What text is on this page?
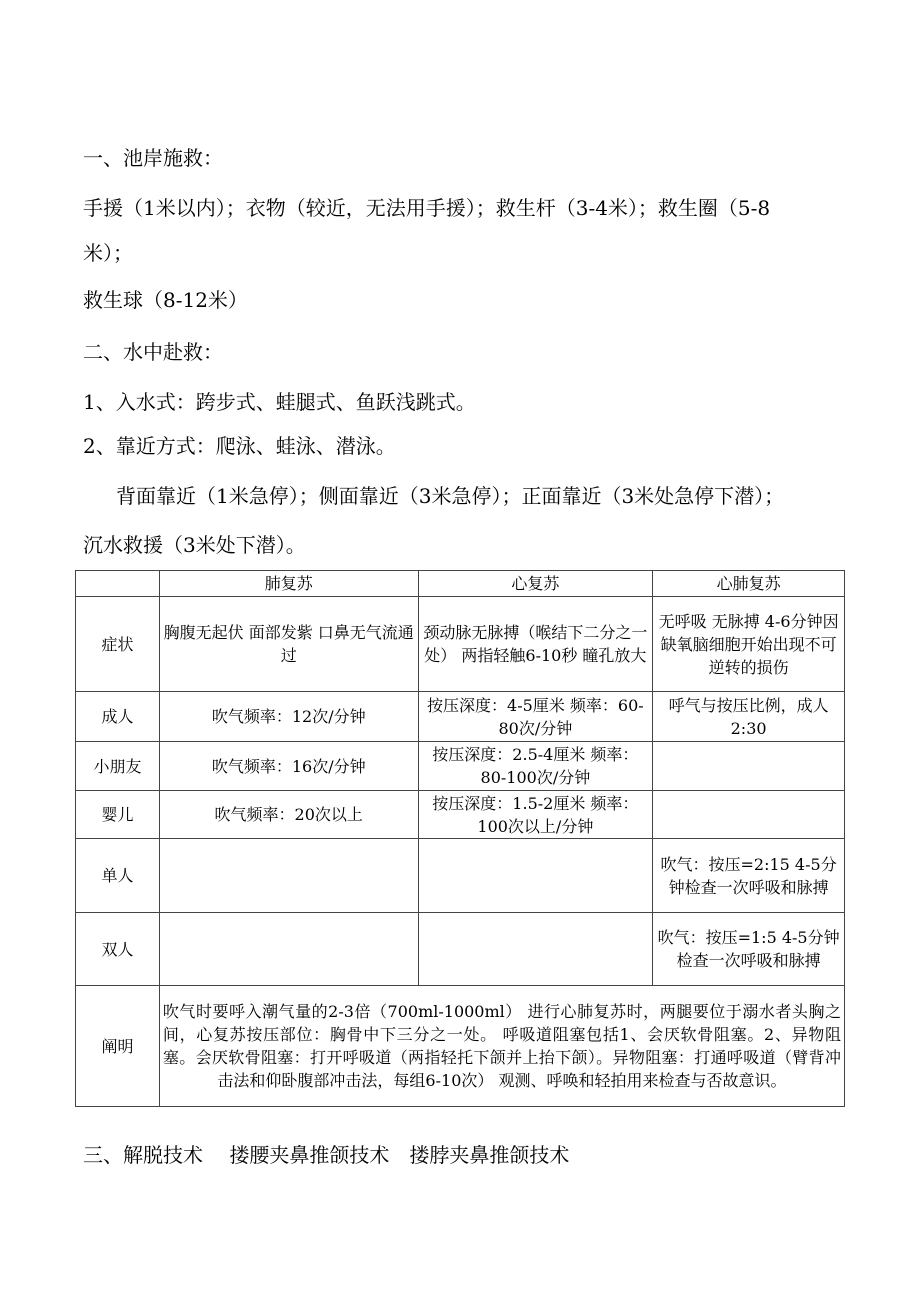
一、池岸施救：
手援（1米以内）；衣物（较近，无法用手援）；救生杆（3-4米）；救生圈（5-8
米）；
救生球（8-12米）
二、水中赴救：
1、入水式：跨步式、蛙腿式、鱼跃浅跳式。
2、靠近方式：爬泳、蛙泳、潜泳。
背面靠近（1米急停）；侧面靠近（3米急停）；正面靠近（3米处急停下潜）；
沉水救援（3米处下潜）。
	肺复苏	心复苏	心肺复苏
症状	胸腹无起伏 面部发紫 口鼻无气流通过	颈动脉无脉搏（喉结下二分之一处） 两指轻触6-10秒 瞳孔放大	无呼吸 无脉搏 4-6分钟因缺氧脑细胞开始出现不可逆转的损伤
成人	吹气频率：12次/分钟	按压深度：4-5厘米 频率：60-80次/分钟	呼气与按压比例，成人2:30
小朋友	吹气频率：16次/分钟	按压深度：2.5-4厘米 频率：80-100次/分钟	
婴儿	吹气频率：20次以上	按压深度：1.5-2厘米 频率：100次以上/分钟	
单人			吹气：按压=2:15 4-5分钟检查一次呼吸和脉搏
双人			吹气：按压=1:5 4-5分钟检查一次呼吸和脉搏
阐明	吹气时要呼入潮气量的2-3倍（700ml-1000ml） 进行心肺复苏时，两腿要位于溺水者头胸之间，心复苏按压部位：胸骨中下三分之一处。 呼吸道阻塞包括1、会厌软骨阻塞。2、异物阻塞。会厌软骨阻塞：打开呼吸道（两指轻托下颌并上抬下颌）。异物阻塞：打通呼吸道（臂背冲击法和仰卧腹部冲击法，每组6-10次） 观测、呼唤和轻拍用来检查与否故意识。		
三、解脱技术　 搂腰夹鼻推颌技术　搂脖夹鼻推颌技术
